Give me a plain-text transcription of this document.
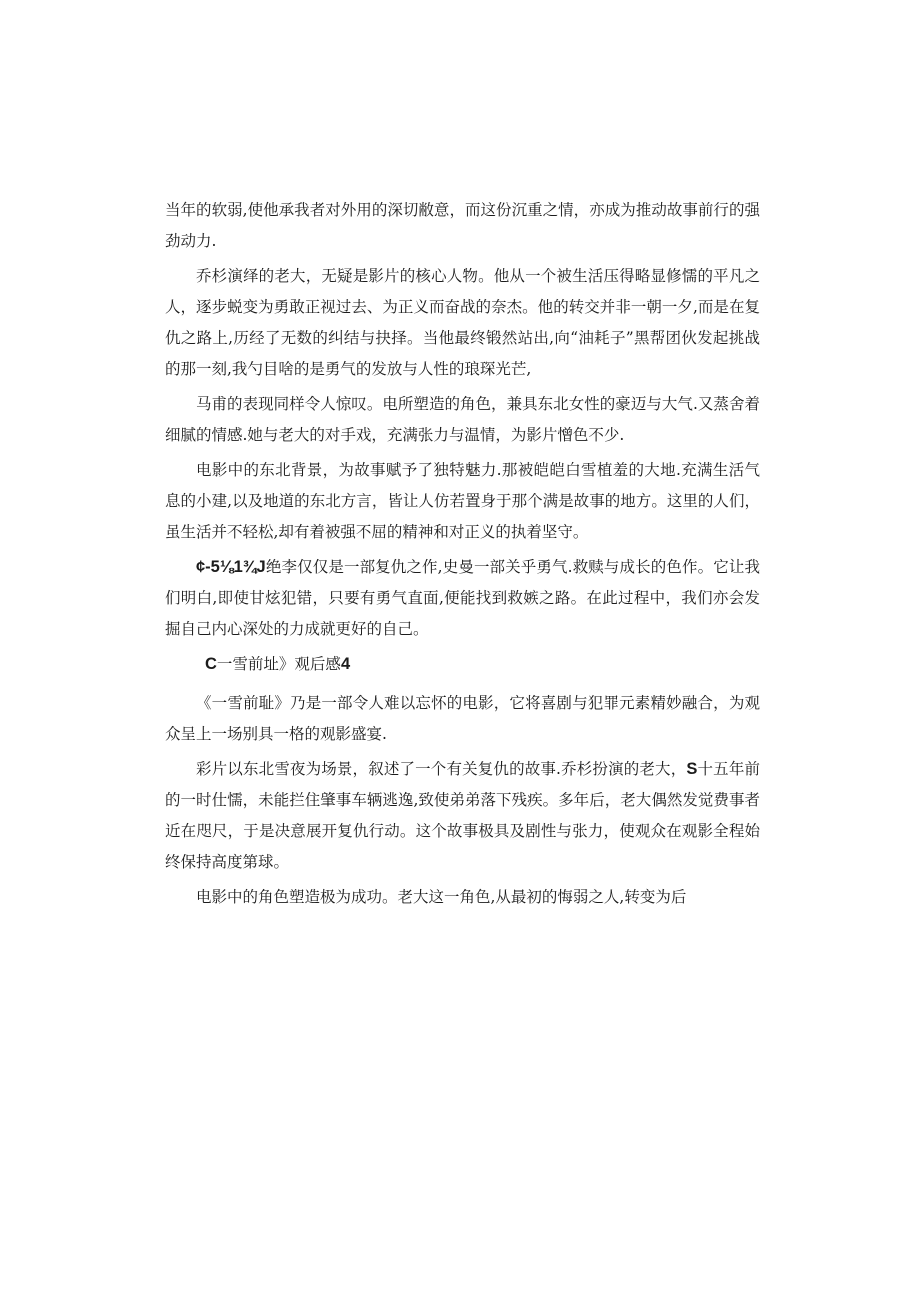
当年的软弱,使他承我者对外用的深切敝意，而这份沉重之情，亦成为推动故事前行的强劲动力.

乔杉演绎的老大，无疑是影片的核心人物。他从一个被生活压得略显修懦的平凡之人，逐步蜕变为勇敢正视过去、为正义而奋战的奈杰。他的转交并非一朝一夕,而是在复仇之路上,历经了无数的纠结与抉择。当他最终锻然站出,向“油耗子”黑帮团伙发起挑战的那一刻,我勺目啥的是勇气的发放与人性的琅琛光芒,

马甫的表现同样令人惊叹。电所塑造的角色，兼具东北女性的豪迈与大气.又蒸舍着细腻的情感.她与老大的对手戏，充满张力与温情，为影片憎色不少.

电影中的东北背景，为故事赋予了独特魅力.那被皑皑白雪植羞的大地.充满生活气息的小建,以及地道的东北方言，皆让人仿若置身于那个满是故事的地方。这里的人们，虽生活并不轻松,却有着被强不屈的精神和对正义的执着坚守。

¢-5⅛1¾J绝李仅仅是一部复仇之作,史曼一部关乎勇气.救赎与成长的色作。它让我们明白,即使甘炫犯错，只要有勇气直面,便能找到救嫉之路。在此过程中，我们亦会发掘自己内心深处的力成就更好的自己。

C一雪前址》观后感4

《一雪前耻》乃是一部令人难以忘怀的电影，它将喜剧与犯罪元素精妙融合，为观众呈上一场别具一格的观影盛宴.

彩片以东北雪夜为场景，叙述了一个有关复仇的故事.乔杉扮演的老大，S十五年前的一时仕懦，未能拦住肇事车辆逃逸,致使弟弟落下残疾。多年后，老大偶然发觉费事者近在咫尺，于是决意展开复仇行动。这个故事极具及剧性与张力，使观众在观影全程始终保持高度第球。

电影中的角色塑造极为成功。老大这一角色,从最初的悔弱之人,转变为后
